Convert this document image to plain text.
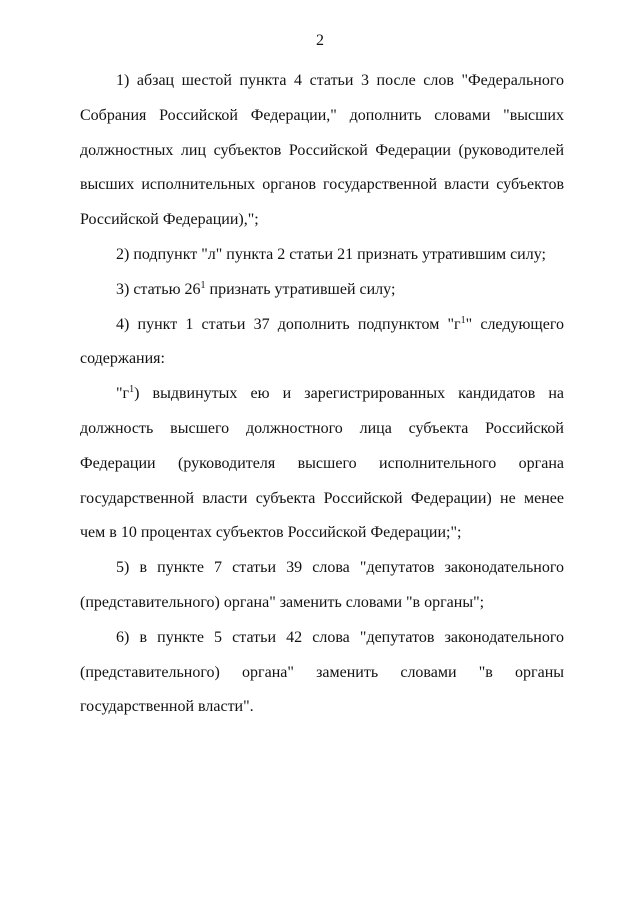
2

1) абзац шестой пункта 4 статьи 3 после слов "Федерального Собрания Российской Федерации," дополнить словами "высших должностных лиц субъектов Российской Федерации (руководителей высших исполнительных органов государственной власти субъектов Российской Федерации),";

2) подпункт "л" пункта 2 статьи 21 признать утратившим силу;

3) статью $26^1$ признать утратившей силу;

4) пункт 1 статьи 37 дополнить подпунктом "$г^1$" следующего содержания:

"$г^1$) выдвинутых ею и зарегистрированных кандидатов на должность высшего должностного лица субъекта Российской Федерации (руководителя высшего исполнительного органа государственной власти субъекта Российской Федерации) не менее чем в 10 процентах субъектов Российской Федерации;";

5) в пункте 7 статьи 39 слова "депутатов законодательного (представительного) органа" заменить словами "в органы";

6) в пункте 5 статьи 42 слова "депутатов законодательного (представительного) органа" заменить словами "в органы государственной власти".
